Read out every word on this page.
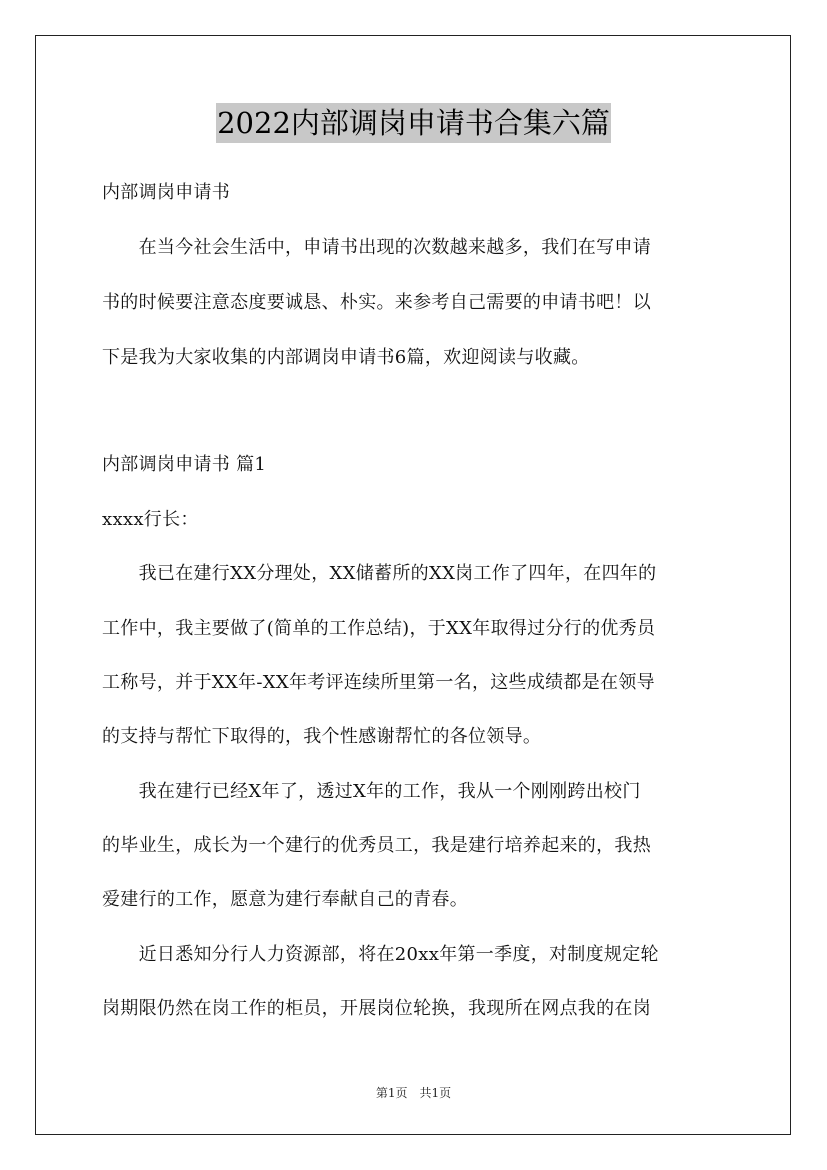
2022内部调岗申请书合集六篇
内部调岗申请书
　　在当今社会生活中，申请书出现的次数越来越多，我们在写申请
书的时候要注意态度要诚恳、朴实。来参考自己需要的申请书吧！以
下是我为大家收集的内部调岗申请书6篇，欢迎阅读与收藏。
内部调岗申请书 篇1
xxxx行长：
　　我已在建行XX分理处，XX储蓄所的XX岗工作了四年，在四年的
工作中，我主要做了(简单的工作总结)，于XX年取得过分行的优秀员
工称号，并于XX年-XX年考评连续所里第一名，这些成绩都是在领导
的支持与帮忙下取得的，我个性感谢帮忙的各位领导。
　　我在建行已经X年了，透过X年的工作，我从一个刚刚跨出校门
的毕业生，成长为一个建行的优秀员工，我是建行培养起来的，我热
爱建行的工作，愿意为建行奉献自己的青春。
　　近日悉知分行人力资源部，将在20xx年第一季度，对制度规定轮
岗期限仍然在岗工作的柜员，开展岗位轮换，我现所在网点我的在岗
第1页　共1页
